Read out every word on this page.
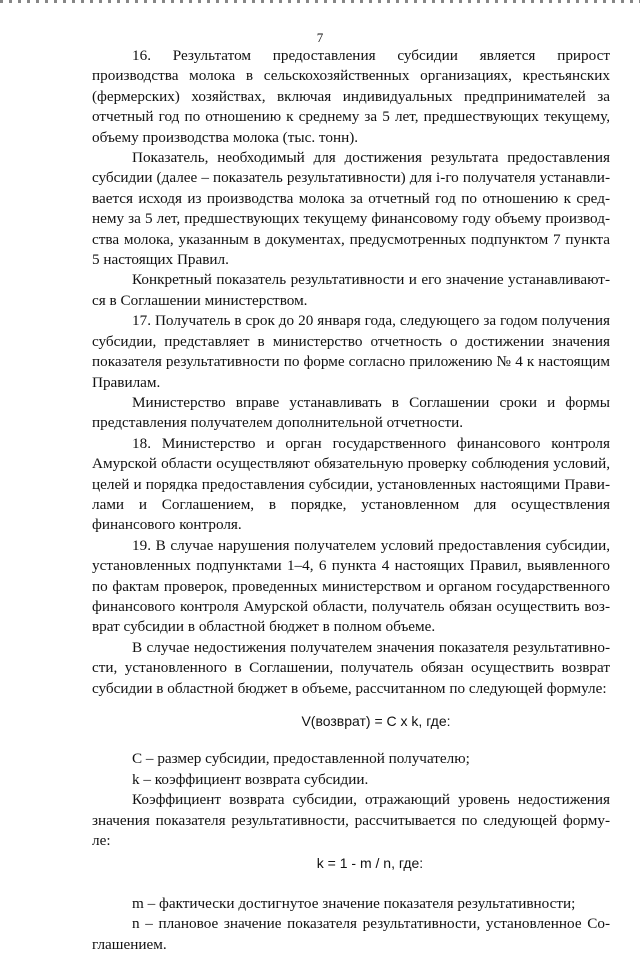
7

16. Результатом предоставления субсидии является прирост производства молока в сельскохозяйственных организациях, крестьянских (фермерских) хозяйствах, включая индивидуальных предпринимателей за отчетный год по отношению к среднему за 5 лет, предшествующих текущему, объему производства молока (тыс. тонн).

Показатель, необходимый для достижения результата предоставления субсидии (далее – показатель результативности) для i-го получателя устанавливается исходя из производства молока за отчетный год по отношению к среднему за 5 лет, предшествующих текущему финансовому году объему производства молока, указанным в документах, предусмотренных подпунктом 7 пункта 5 настоящих Правил.

Конкретный показатель результативности и его значение устанавливаются в Соглашении министерством.

17. Получатель в срок до 20 января года, следующего за годом получения субсидии, представляет в министерство отчетность о достижении значения показателя результативности по форме согласно приложению № 4 к настоящим Правилам.

Министерство вправе устанавливать в Соглашении сроки и формы представления получателем дополнительной отчетности.

18. Министерство и орган государственного финансового контроля Амурской области осуществляют обязательную проверку соблюдения условий, целей и порядка предоставления субсидии, установленных настоящими Правилами и Соглашением, в порядке, установленном для осуществления финансового контроля.

19. В случае нарушения получателем условий предоставления субсидии, установленных подпунктами 1–4, 6 пункта 4 настоящих Правил, выявленного по фактам проверок, проведенных министерством и органом государственного финансового контроля Амурской области, получатель обязан осуществить возврат субсидии в областной бюджет в полном объеме.

В случае недостижения получателем значения показателя результативности, установленного в Соглашении, получатель обязан осуществить возврат субсидии в областной бюджет в объеме, рассчитанном по следующей формуле:

V(возврат) = C x k, где:

C – размер субсидии, предоставленной получателю;

k – коэффициент возврата субсидии.

Коэффициент возврата субсидии, отражающий уровень недостижения значения показателя результативности, рассчитывается по следующей формуле:

k = 1 - m / n, где:

m – фактически достигнутое значение показателя результативности;

n – плановое значение показателя результативности, установленное Соглашением.
